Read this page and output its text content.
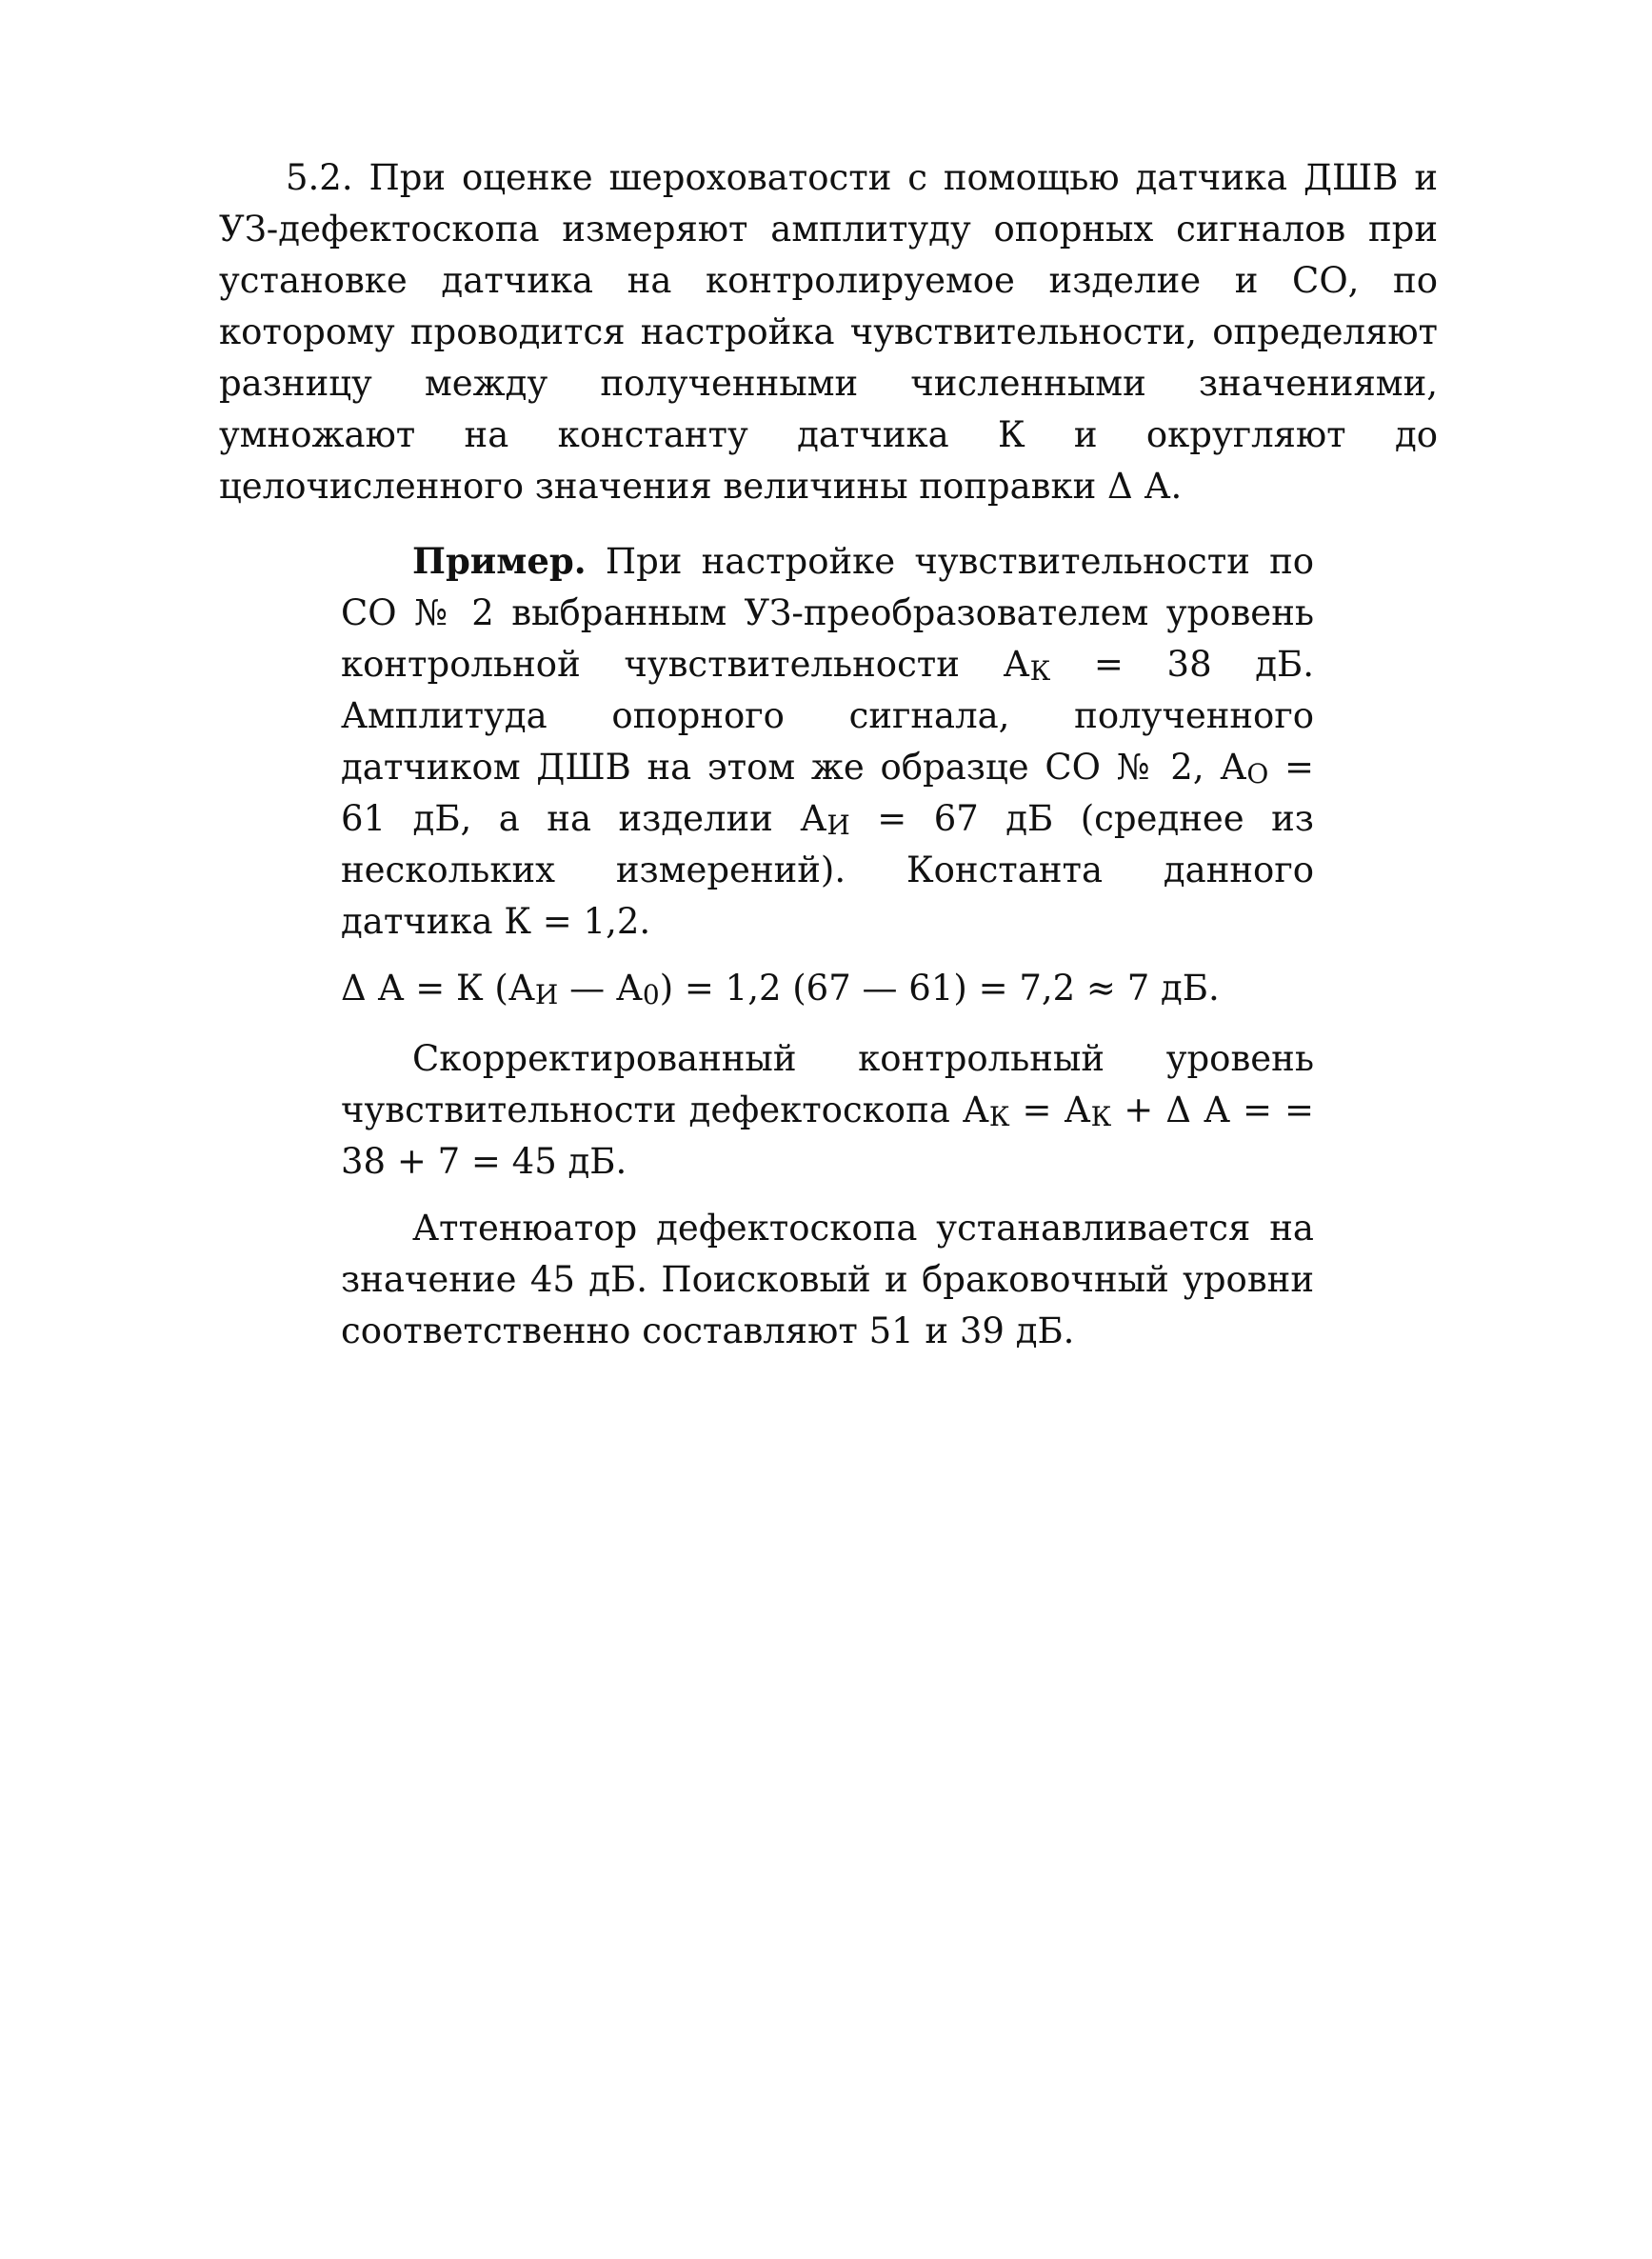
5.2. При оценке шероховатости с помощью датчика ДШВ и УЗ-дефектоскопа измеряют амплитуду опорных сигналов при установке датчика на контролируемое изделие и СО, по которому проводится настройка чувствительности, определяют разницу между полученными численными значениями, умножают на константу датчика К и округляют до целочисленного значения величины поправки Δ А.

Пример. При настройке чувствительности по СО № 2 выбранным УЗ-преобразователем уровень контрольной чувствительности $А_К = 38$ дБ. Амплитуда опорного сигнала, полученного датчиком ДШВ на этом же образце СО № 2, $А_О = 61$ дБ, а на изделии $А_И = 67$ дБ (среднее из нескольких измерений). Константа данного датчика К = 1,2.

Δ А = К ($А_И$ — $А_0) = 1,2$ (67 — 61) = 7,2 ≈ 7 дБ.

Скорректированный контрольный уровень чувствительности дефектоскопа $А_К = А_К + \Delta$ А = = 38 + 7 = 45 дБ.

Аттенюатор дефектоскопа устанавливается на значение 45 дБ. Поисковый и браковочный уровни соответственно составляют 51 и 39 дБ.
